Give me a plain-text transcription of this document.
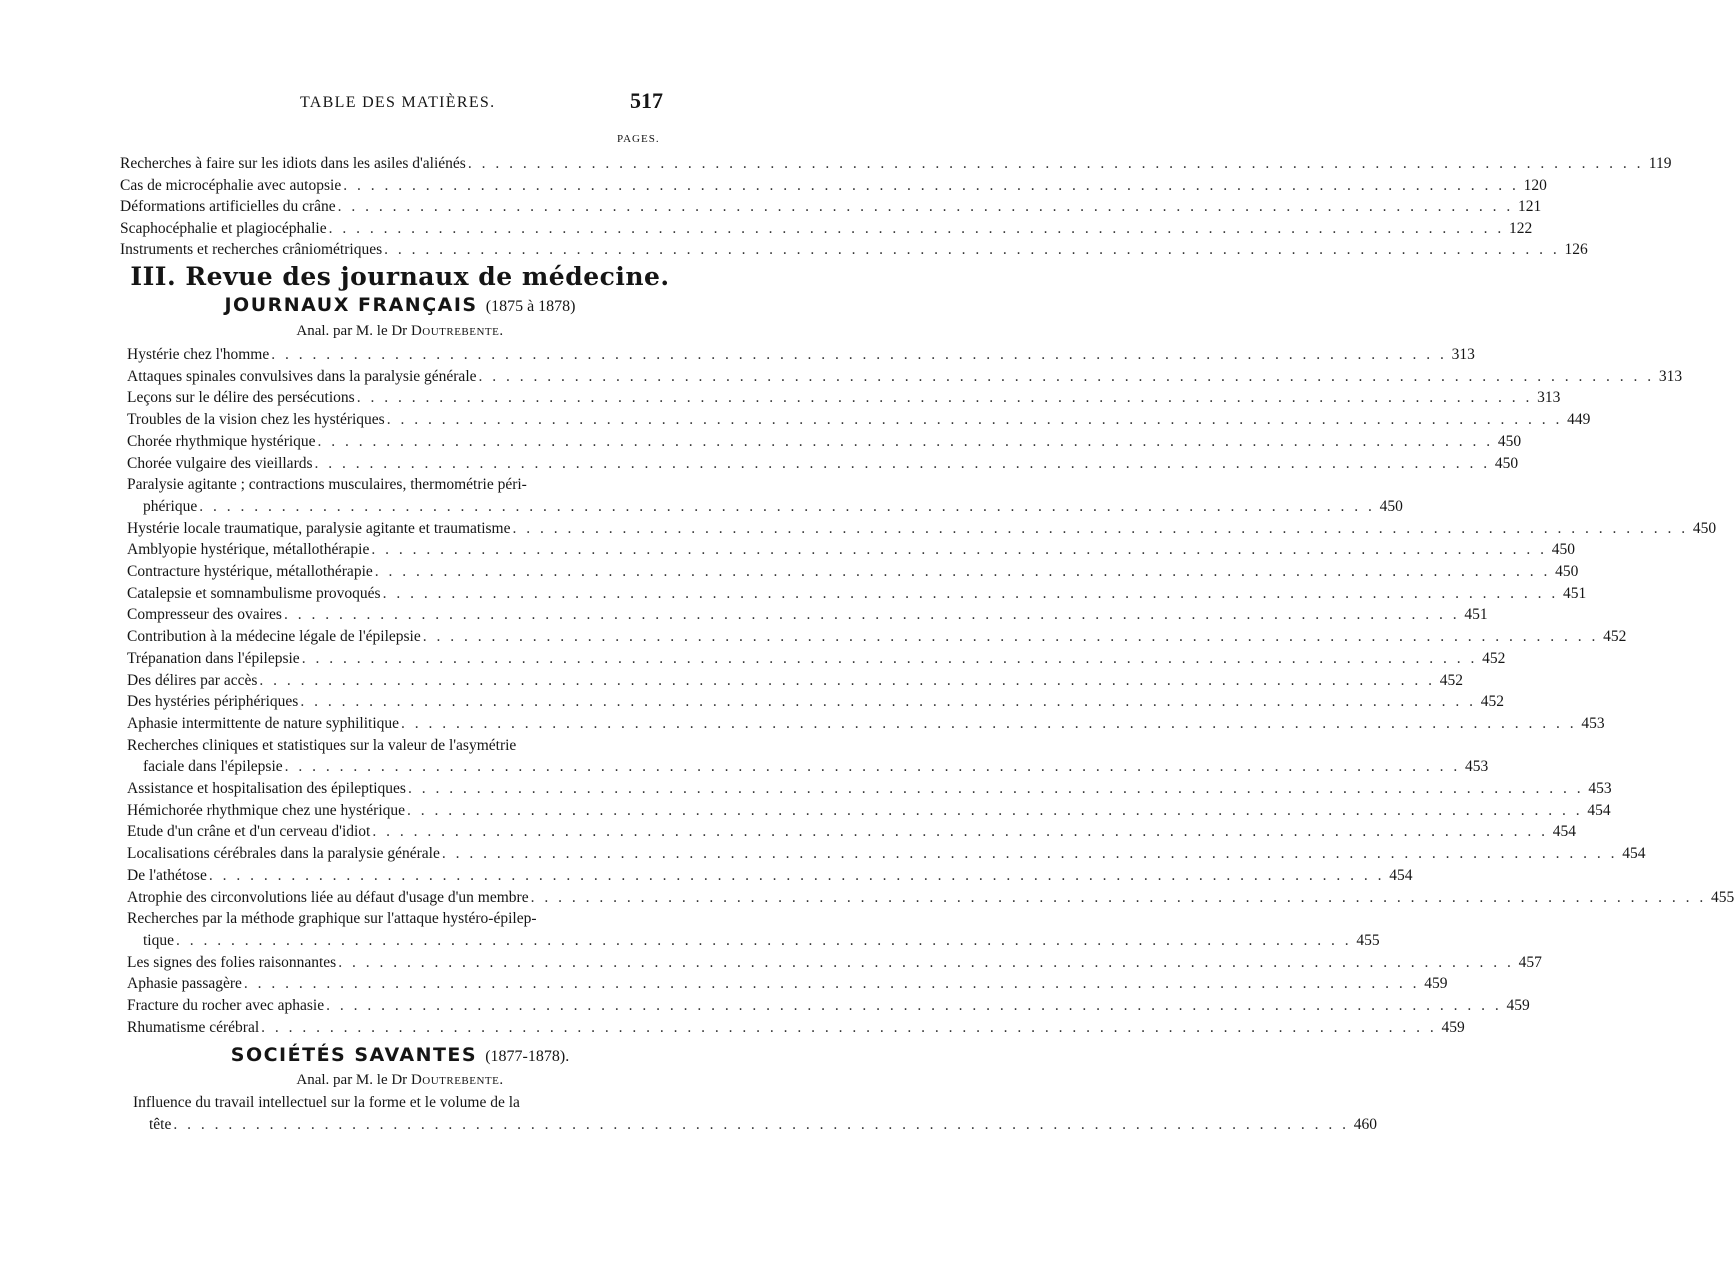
TABLE DES MATIÈRES.	517
PAGES.
Recherches à faire sur les idiots dans les asiles d'aliénés . . . . . . . . . . . . . . . . . . . . . . . . . . . . . . . . . . . . . . . . . . . . . . . . . . . . . . . . . . . . . . . . . . . . . . . . . . . . . . . . . . . . . . 119
Cas de microcéphalie avec autopsie . . . . . . . . . . . . . . . . . . . . . . . . . . . . . . . . . . . . . . . . . . . . . . . . . . . . . . . . . . . . . . . . . . . . . . . . . . . . . . . . . . . . . . 120
Déformations artificielles du crâne . . . . . . . . . . . . . . . . . . . . . . . . . . . . . . . . . . . . . . . . . . . . . . . . . . . . . . . . . . . . . . . . . . . . . . . . . . . . . . . . . . . . . . 121
Scaphocéphalie et plagiocéphalie . . . . . . . . . . . . . . . . . . . . . . . . . . . . . . . . . . . . . . . . . . . . . . . . . . . . . . . . . . . . . . . . . . . . . . . . . . . . . . . . . . . . . . 122
Instruments et recherches crâniométriques . . . . . . . . . . . . . . . . . . . . . . . . . . . . . . . . . . . . . . . . . . . . . . . . . . . . . . . . . . . . . . . . . . . . . . . . . . . . . . . . . . . . . . 126
III. Revue des journaux de médecine.
JOURNAUX FRANÇAIS (1875 à 1878)
Anal. par M. le Dr Doutrebente.
Hystérie chez l'homme . . . . . . . . . . . . . . . . . . . . . . . . . . . . . . . . . . . . . . . . . . . . . . . . . . . . . . . . . . . . . . . . . . . . . . . . . . . . . . . . . . . . . . 313
Attaques spinales convulsives dans la paralysie générale . . . . . . . . . . . . . . . . . . . . . . . . . . . . . . . . . . . . . . . . . . . . . . . . . . . . . . . . . . . . . . . . . . . . . . . . . . . . . . . . . . . . . . 313
Leçons sur le délire des persécutions . . . . . . . . . . . . . . . . . . . . . . . . . . . . . . . . . . . . . . . . . . . . . . . . . . . . . . . . . . . . . . . . . . . . . . . . . . . . . . . . . . . . . . 313
Troubles de la vision chez les hystériques . . . . . . . . . . . . . . . . . . . . . . . . . . . . . . . . . . . . . . . . . . . . . . . . . . . . . . . . . . . . . . . . . . . . . . . . . . . . . . . . . . . . . . 449
Chorée rhythmique hystérique . . . . . . . . . . . . . . . . . . . . . . . . . . . . . . . . . . . . . . . . . . . . . . . . . . . . . . . . . . . . . . . . . . . . . . . . . . . . . . . . . . . . . . 450
Chorée vulgaire des vieillards . . . . . . . . . . . . . . . . . . . . . . . . . . . . . . . . . . . . . . . . . . . . . . . . . . . . . . . . . . . . . . . . . . . . . . . . . . . . . . . . . . . . . . 450
Paralysie agitante ; contractions musculaires, thermométrie péri-
phérique . . . . . . . . . . . . . . . . . . . . . . . . . . . . . . . . . . . . . . . . . . . . . . . . . . . . . . . . . . . . . . . . . . . . . . . . . . . . . . . . . . . . . . 450
Hystérie locale traumatique, paralysie agitante et traumatisme . . . . . . . . . . . . . . . . . . . . . . . . . . . . . . . . . . . . . . . . . . . . . . . . . . . . . . . . . . . . . . . . . . . . . . . . . . . . . . . . . . . . . . 450
Amblyopie hystérique, métallothérapie . . . . . . . . . . . . . . . . . . . . . . . . . . . . . . . . . . . . . . . . . . . . . . . . . . . . . . . . . . . . . . . . . . . . . . . . . . . . . . . . . . . . . . 450
Contracture hystérique, métallothérapie . . . . . . . . . . . . . . . . . . . . . . . . . . . . . . . . . . . . . . . . . . . . . . . . . . . . . . . . . . . . . . . . . . . . . . . . . . . . . . . . . . . . . . 450
Catalepsie et somnambulisme provoqués . . . . . . . . . . . . . . . . . . . . . . . . . . . . . . . . . . . . . . . . . . . . . . . . . . . . . . . . . . . . . . . . . . . . . . . . . . . . . . . . . . . . . . 451
Compresseur des ovaires . . . . . . . . . . . . . . . . . . . . . . . . . . . . . . . . . . . . . . . . . . . . . . . . . . . . . . . . . . . . . . . . . . . . . . . . . . . . . . . . . . . . . . 451
Contribution à la médecine légale de l'épilepsie . . . . . . . . . . . . . . . . . . . . . . . . . . . . . . . . . . . . . . . . . . . . . . . . . . . . . . . . . . . . . . . . . . . . . . . . . . . . . . . . . . . . . . 452
Trépanation dans l'épilepsie . . . . . . . . . . . . . . . . . . . . . . . . . . . . . . . . . . . . . . . . . . . . . . . . . . . . . . . . . . . . . . . . . . . . . . . . . . . . . . . . . . . . . . 452
Des délires par accès . . . . . . . . . . . . . . . . . . . . . . . . . . . . . . . . . . . . . . . . . . . . . . . . . . . . . . . . . . . . . . . . . . . . . . . . . . . . . . . . . . . . . . 452
Des hystéries périphériques . . . . . . . . . . . . . . . . . . . . . . . . . . . . . . . . . . . . . . . . . . . . . . . . . . . . . . . . . . . . . . . . . . . . . . . . . . . . . . . . . . . . . . 452
Aphasie intermittente de nature syphilitique . . . . . . . . . . . . . . . . . . . . . . . . . . . . . . . . . . . . . . . . . . . . . . . . . . . . . . . . . . . . . . . . . . . . . . . . . . . . . . . . . . . . . . 453
Recherches cliniques et statistiques sur la valeur de l'asymétrie
faciale dans l'épilepsie . . . . . . . . . . . . . . . . . . . . . . . . . . . . . . . . . . . . . . . . . . . . . . . . . . . . . . . . . . . . . . . . . . . . . . . . . . . . . . . . . . . . . . 453
Assistance et hospitalisation des épileptiques . . . . . . . . . . . . . . . . . . . . . . . . . . . . . . . . . . . . . . . . . . . . . . . . . . . . . . . . . . . . . . . . . . . . . . . . . . . . . . . . . . . . . . 453
Hémichorée rhythmique chez une hystérique . . . . . . . . . . . . . . . . . . . . . . . . . . . . . . . . . . . . . . . . . . . . . . . . . . . . . . . . . . . . . . . . . . . . . . . . . . . . . . . . . . . . . . 454
Etude d'un crâne et d'un cerveau d'idiot . . . . . . . . . . . . . . . . . . . . . . . . . . . . . . . . . . . . . . . . . . . . . . . . . . . . . . . . . . . . . . . . . . . . . . . . . . . . . . . . . . . . . . 454
Localisations cérébrales dans la paralysie générale . . . . . . . . . . . . . . . . . . . . . . . . . . . . . . . . . . . . . . . . . . . . . . . . . . . . . . . . . . . . . . . . . . . . . . . . . . . . . . . . . . . . . . 454
De l'athétose . . . . . . . . . . . . . . . . . . . . . . . . . . . . . . . . . . . . . . . . . . . . . . . . . . . . . . . . . . . . . . . . . . . . . . . . . . . . . . . . . . . . . . 454
Atrophie des circonvolutions liée au défaut d'usage d'un membre . . . . . . . . . . . . . . . . . . . . . . . . . . . . . . . . . . . . . . . . . . . . . . . . . . . . . . . . . . . . . . . . . . . . . . . . . . . . . . . . . . . . . . 455
Recherches par la méthode graphique sur l'attaque hystéro-épilep-
tique . . . . . . . . . . . . . . . . . . . . . . . . . . . . . . . . . . . . . . . . . . . . . . . . . . . . . . . . . . . . . . . . . . . . . . . . . . . . . . . . . . . . . . 455
Les signes des folies raisonnantes . . . . . . . . . . . . . . . . . . . . . . . . . . . . . . . . . . . . . . . . . . . . . . . . . . . . . . . . . . . . . . . . . . . . . . . . . . . . . . . . . . . . . . 457
Aphasie passagère . . . . . . . . . . . . . . . . . . . . . . . . . . . . . . . . . . . . . . . . . . . . . . . . . . . . . . . . . . . . . . . . . . . . . . . . . . . . . . . . . . . . . . 459
Fracture du rocher avec aphasie . . . . . . . . . . . . . . . . . . . . . . . . . . . . . . . . . . . . . . . . . . . . . . . . . . . . . . . . . . . . . . . . . . . . . . . . . . . . . . . . . . . . . . 459
Rhumatisme cérébral . . . . . . . . . . . . . . . . . . . . . . . . . . . . . . . . . . . . . . . . . . . . . . . . . . . . . . . . . . . . . . . . . . . . . . . . . . . . . . . . . . . . . . 459
SOCIÉTÉS SAVANTES (1877-1878).
Anal. par M. le Dr Doutrebente.
Influence du travail intellectuel sur la forme et le volume de la
tête . . . . . . . . . . . . . . . . . . . . . . . . . . . . . . . . . . . . . . . . . . . . . . . . . . . . . . . . . . . . . . . . . . . . . . . . . . . . . . . . . . . . . . 460
